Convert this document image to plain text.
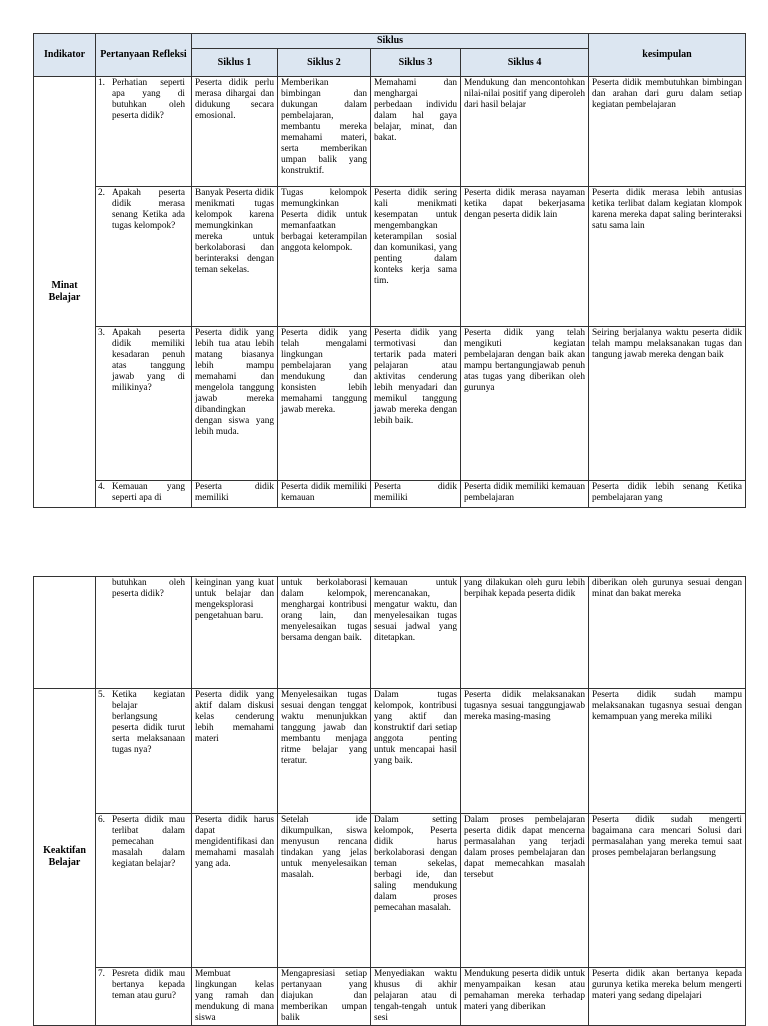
Indikator	Pertanyaan Refleksi	Siklus				kesimpulan
		Siklus 1	Siklus 2	Siklus 3	Siklus 4	
Minat Belajar	1. Perhatian seperti apa yang di butuhkan oleh peserta didik?	Peserta didik perlu merasa dihargai dan didukung secara emosional.	Memberikan bimbingan dan dukungan dalam pembelajaran, membantu mereka memahami materi, serta memberikan umpan balik yang konstruktif.	Memahami dan menghargai perbedaan individu dalam hal gaya belajar, minat, dan bakat.	Mendukung dan mencontohkan nilai-nilai positif yang diperoleh dari hasil belajar	Peserta didik membutuhkan bimbingan dan arahan dari guru dalam setiap kegiatan pembelajaran
	2. Apakah peserta didik merasa senang Ketika ada tugas kelompok?	Banyak Peserta didik menikmati tugas kelompok karena memungkinkan mereka untuk berkolaborasi dan berinteraksi dengan teman sekelas.	Tugas kelompok memungkinkan Peserta didik untuk memanfaatkan berbagai keterampilan anggota kelompok.	Peserta didik sering kali menikmati kesempatan untuk mengembangkan keterampilan sosial dan komunikasi, yang penting dalam konteks kerja sama tim.	Peserta didik merasa nayaman ketika dapat bekerjasama dengan peserta didik lain	Peserta didik merasa lebih antusias ketika terlibat dalam kegiatan klompok karena mereka dapat saling berinteraksi satu sama lain
	3. Apakah peserta didik memiliki kesadaran penuh atas tanggung jawab yang di milikinya?	Peserta didik yang lebih tua atau lebih matang biasanya lebih mampu memahami dan mengelola tanggung jawab mereka dibandingkan dengan siswa yang lebih muda.	Peserta didik yang telah mengalami lingkungan pembelajaran yang mendukung dan konsisten lebih memahami tanggung jawab mereka.	Peserta didik yang termotivasi dan tertarik pada materi pelajaran atau aktivitas cenderung lebih menyadari dan memikul tanggung jawab mereka dengan lebih baik.	Peserta didik yang telah mengikuti kegiatan pembelajaran dengan baik akan mampu bertangungjawab penuh atas tugas yang diberikan oleh gurunya	Seiring berjalanya waktu peserta didik telah mampu melaksanakan tugas dan tangung jawab mereka dengan baik
	4. Kemauan yang seperti apa di	Peserta didik memiliki	Peserta didik memiliki kemauan	Peserta didik memiliki	Peserta didik memiliki kemauan pembelajaran	Peserta didik lebih senang Ketika pembelajaran yang
	butuhkan oleh peserta didik?	keinginan yang kuat untuk belajar dan mengeksplorasi pengetahuan baru.	untuk berkolaborasi dalam kelompok, menghargai kontribusi orang lain, dan menyelesaikan tugas bersama dengan baik.	kemauan untuk merencanakan, mengatur waktu, dan menyelesaikan tugas sesuai jadwal yang ditetapkan.	yang dilakukan oleh guru lebih berpihak kepada peserta didik	diberikan oleh gurunya sesuai dengan minat dan bakat mereka
Keaktifan Belajar	5. Ketika kegiatan belajar berlangsung peserta didik turut serta melaksanaan tugas nya?	Peserta didik yang aktif dalam diskusi kelas cenderung lebih memahami materi	Menyelesaikan tugas sesuai dengan tenggat waktu menunjukkan tanggung jawab dan membantu menjaga ritme belajar yang teratur.	Dalam tugas kelompok, kontribusi yang aktif dan konstruktif dari setiap anggota penting untuk mencapai hasil yang baik.	Peserta didik melaksanakan tugasnya sesuai tanggungjawab mereka masing-masing	Peserta didik sudah mampu melaksanakan tugasnya sesuai dengan kemampuan yang mereka miliki
	6. Peserta didik mau terlibat dalam pemecahan masalah dalam kegiatan belajar?	Peserta didik harus dapat mengidentifikasi dan memahami masalah yang ada.	Setelah ide dikumpulkan, siswa menyusun rencana tindakan yang jelas untuk menyelesaikan masalah.	Dalam setting kelompok, Peserta didik harus berkolaborasi dengan teman sekelas, berbagi ide, dan saling mendukung dalam proses pemecahan masalah.	Dalam proses pembelajaran peserta didik dapat mencerna permasalahan yang terjadi dalam proses pembelajaran dan dapat memecahkan masalah tersebut	Peserta didik sudah mengerti bagaimana cara mencari Solusi dari permasalahan yang mereka temui saat proses pembelajaran berlangsung
	7. Pesreta didik mau bertanya kepada teman atau guru?	Membuat lingkungan kelas yang ramah dan mendukung di mana siswa	Mengapresiasi setiap pertanyaan yang diajukan dan memberikan umpan balik	Menyediakan waktu khusus di akhir pelajaran atau di tengah-tengah untuk sesi	Mendukung peserta didik untuk menyampaikan kesan atau pemahaman mereka terhadap materi yang diberikan	Peserta didik akan bertanya kepada gurunya ketika mereka belum mengerti materi yang sedang dipelajari
